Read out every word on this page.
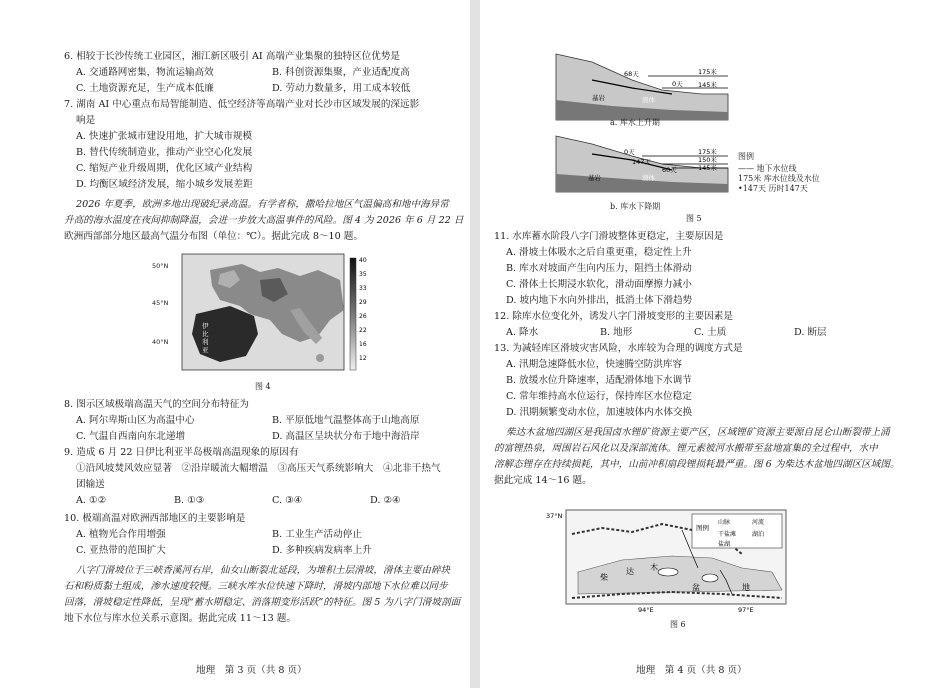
6. 相较于长沙传统工业园区，湘江新区吸引 AI 高端产业集聚的独特区位优势是
A. 交通路网密集，物流运输高效	B. 科创资源集聚，产业适配度高
C. 土地资源充足，生产成本低廉	D. 劳动力数量多，用工成本较低
7. 湖南 AI 中心重点布局智能制造、低空经济等高端产业对长沙市区域发展的深远影
响是
A. 快速扩张城市建设用地，扩大城市规模
B. 替代传统制造业，推动产业空心化发展
C. 缩短产业升级周期，优化区域产业结构
D. 均衡区域经济发展，缩小城乡发展差距
2026 年夏季，欧洲多地出现破纪录高温。有学者称，撒哈拉地区气温偏高和地中海异常
升高的海水温度在夜间抑制降温，会进一步放大高温事件的风险。图 4 为 2026 年 6 月 22 日
欧洲西部部分地区最高气温分布图（单位：℃）。据此完成 8～10 题。
50°N
45°N
40°N
伊比利亚
40
35
33
29
26
22
16
12
图 4
8. 图示区域极端高温天气的空间分布特征为
A. 阿尔卑斯山区为高温中心	B. 平原低地气温整体高于山地高原
C. 气温自西南向东北递增	D. 高温区呈块状分布于地中海沿岸
9. 造成 6 月 22 日伊比利亚半岛极端高温现象的原因有
①沿风坡焚风效应显著　②沿岸暖流大幅增温　③高压天气系统影响大　④北非干热气
团输送
A. ①②	B. ①③	C. ③④	D. ②④
10. 极端高温对欧洲西部地区的主要影响是
A. 植物光合作用增强	B. 工业生产活动停止
C. 亚热带的范围扩大	D. 多种疾病发病率上升
八字门滑坡位于三峡香溪河右岸，仙女山断裂北延段，为堆积土层滑坡，滑体主要由碎块
石和粉质黏土组成，渗水速度较慢。三峡水库水位快速下降时，滑坡内部地下水位难以同步
回落，滑坡稳定性降低，呈现“蓄水期稳定、消落期变形活跃”的特征。图 5 为八字门滑坡剖面
地下水位与库水位关系示意图。据此完成 11～13 题。
地理　第 3 页（共 8 页）
68天
0天
175米
145米
基岩	滑体
a. 库水上升期
0天
147天
60天
175米
150米
145米
基岩	滑体
b. 库水下降期
图例
—— 地下水位线
175米 库水位线及水位
•147天 历时147天
图 5
11. 水库蓄水阶段八字门滑坡整体更稳定，主要原因是
A. 滑坡土体吸水之后自重更重，稳定性上升
B. 库水对坡面产生向内压力，阻挡土体滑动
C. 滑体土长期浸水软化，滑动面摩擦力减小
D. 坡内地下水向外排出，抵消土体下滑趋势
12. 除库水位变化外，诱发八字门滑坡变形的主要因素是
A. 降水	B. 地形	C. 土质	D. 断层
13. 为减轻库区滑坡灾害风险，水库较为合理的调度方式是
A. 汛期急速降低水位，快速腾空防洪库容
B. 放缓水位升降速率，适配滑体地下水调节
C. 常年维持高水位运行，保持库区水位稳定
D. 汛期频繁变动水位，加速坡体内水体交换
柴达木盆地四湖区是我国卤水锂矿资源主要产区，区域锂矿资源主要源自昆仑山断裂带上涌
的富锂热泉，周围岩石风化以及深部流体。锂元素被河水搬带至盆地富集的全过程中，水中
溶解态锂存在持续损耗，其中，山前冲积扇段锂损耗最严重。图 6 为柴达木盆地四湖区区域图。
据此完成 14～16 题。
37°N
94°E	97°E
柴
达 木
盆	地
图例
山脉	河流
干盐滩	湖泊
盐湖
图 6
地理　第 4 页（共 8 页）
